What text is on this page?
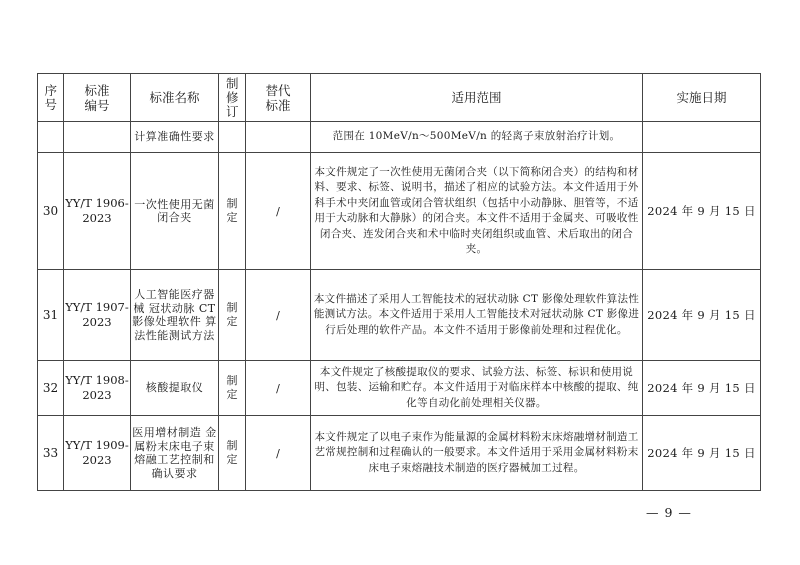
序号	标准编号	标准名称	制修订	替代标准	适用范围	实施日期
		计算准确性要求			范围在 10MeV/n～500MeV/n 的轻离子束放射治疗计划。	
30	YY/T 1906-2023	一次性使用无菌闭合夹	制定	/	本文件规定了一次性使用无菌闭合夹（以下简称闭合夹）的结构和材料、要求、标签、说明书，描述了相应的试验方法。本文件适用于外科手术中夹闭血管或闭合管状组织（包括中小动静脉、胆管等，不适用于大动脉和大静脉）的闭合夹。本文件不适用于金属夹、可吸收性闭合夹、连发闭合夹和术中临时夹闭组织或血管、术后取出的闭合夹。	2024 年 9 月 15 日
31	YY/T 1907-2023	人工智能医疗器械 冠状动脉 CT 影像处理软件 算法性能测试方法	制定	/	本文件描述了采用人工智能技术的冠状动脉 CT 影像处理软件算法性能测试方法。本文件适用于采用人工智能技术对冠状动脉 CT 影像进行后处理的软件产品。本文件不适用于影像前处理和过程优化。	2024 年 9 月 15 日
32	YY/T 1908-2023	核酸提取仪	制定	/	本文件规定了核酸提取仪的要求、试验方法、标签、标识和使用说明、包装、运输和贮存。本文件适用于对临床样本中核酸的提取、纯化等自动化前处理相关仪器。	2024 年 9 月 15 日
33	YY/T 1909-2023	医用增材制造 金属粉末床电子束熔融工艺控制和确认要求	制定	/	本文件规定了以电子束作为能量源的金属材料粉末床熔融增材制造工艺常规控制和过程确认的一般要求。本文件适用于采用金属材料粉末床电子束熔融技术制造的医疗器械加工过程。	2024 年 9 月 15 日
— 9 —
